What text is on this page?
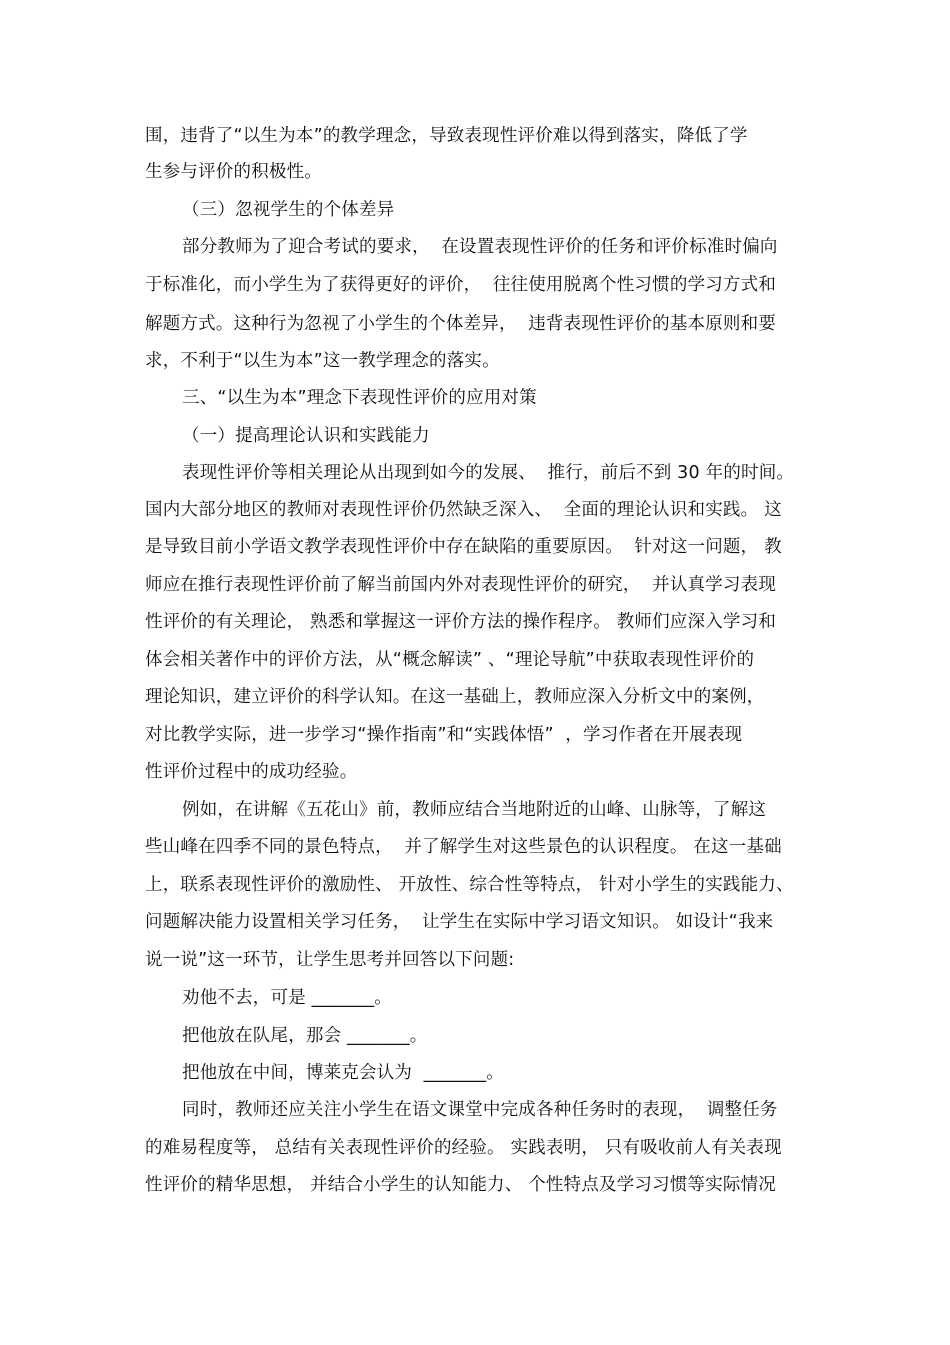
围，违背了“以生为本”的教学理念，导致表现性评价难以得到落实，降低了学
生参与评价的积极性。
（三）忽视学生的个体差异
部分教师为了迎合考试的要求，  在设置表现性评价的任务和评价标准时偏向
于标准化，而小学生为了获得更好的评价，  往往使用脱离个性习惯的学习方式和
解题方式。这种行为忽视了小学生的个体差异，  违背表现性评价的基本原则和要
求，不利于“以生为本”这一教学理念的落实。
三、“以生为本”理念下表现性评价的应用对策
（一）提高理论认识和实践能力
表现性评价等相关理论从出现到如今的发展、  推行，前后不到 30 年的时间。
国内大部分地区的教师对表现性评价仍然缺乏深入、  全面的理论认识和实践。 这
是导致目前小学语文教学表现性评价中存在缺陷的重要原因。  针对这一问题， 教
师应在推行表现性评价前了解当前国内外对表现性评价的研究，  并认真学习表现
性评价的有关理论， 熟悉和掌握这一评价方法的操作程序。 教师们应深入学习和
体会相关著作中的评价方法，从“概念解读” 、“理论导航”中获取表现性评价的
理论知识，建立评价的科学认知。在这一基础上，教师应深入分析文中的案例，
对比教学实际，进一步学习“操作指南”和“实践体悟”  ，学习作者在开展表现
性评价过程中的成功经验。
例如，在讲解《五花山》前，教师应结合当地附近的山峰、山脉等，了解这
些山峰在四季不同的景色特点，  并了解学生对这些景色的认识程度。 在这一基础
上，联系表现性评价的激励性、 开放性、综合性等特点， 针对小学生的实践能力、
问题解决能力设置相关学习任务，  让学生在实际中学习语文知识。 如设计“我来
说一说”这一环节，让学生思考并回答以下问题:
劝他不去，可是 _______。
把他放在队尾，那会 _______。
把他放在中间，博莱克会认为  _______。
同时，教师还应关注小学生在语文课堂中完成各种任务时的表现，  调整任务
的难易程度等， 总结有关表现性评价的经验。 实践表明， 只有吸收前人有关表现
性评价的精华思想， 并结合小学生的认知能力、 个性特点及学习习惯等实际情况
